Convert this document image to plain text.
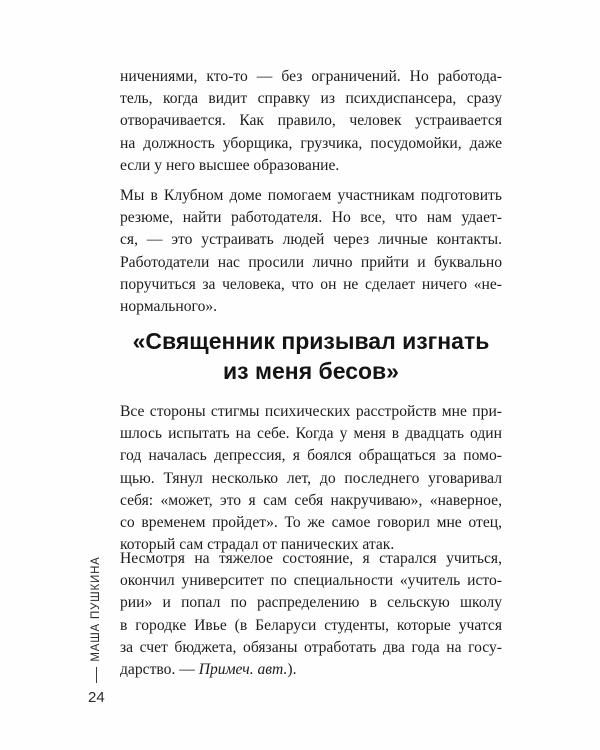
ничениями, кто-то — без ограничений. Но работода-
тель, когда видит справку из психдиспансера, сразу
отворачивается. Как правило, человек устраивается
на должность уборщика, грузчика, посудомойки, даже
если у него высшее образование.
Мы в Клубном доме помогаем участникам подготовить
резюме, найти работодателя. Но все, что нам удает-
ся, — это устраивать людей через личные контакты.
Работодатели нас просили лично прийти и буквально
поручиться за человека, что он не сделает ничего «не-
нормального».
«Священник призывал изгнать
из меня бесов»
Все стороны стигмы психических расстройств мне при-
шлось испытать на себе. Когда у меня в двадцать один
год началась депрессия, я боялся обращаться за помо-
щью. Тянул несколько лет, до последнего уговаривал
себя: «может, это я сам себя накручиваю», «наверное,
со временем пройдет». То же самое говорил мне отец,
который сам страдал от панических атак.
Несмотря на тяжелое состояние, я старался учиться,
окончил университет по специальности «учитель исто-
рии» и попал по распределению в сельскую школу
в городке Ивье (в Беларуси студенты, которые учатся
за счет бюджета, обязаны отработать два года на госу-
дарство. — Примеч. авт.).
МАША ПУШКИНА
24
